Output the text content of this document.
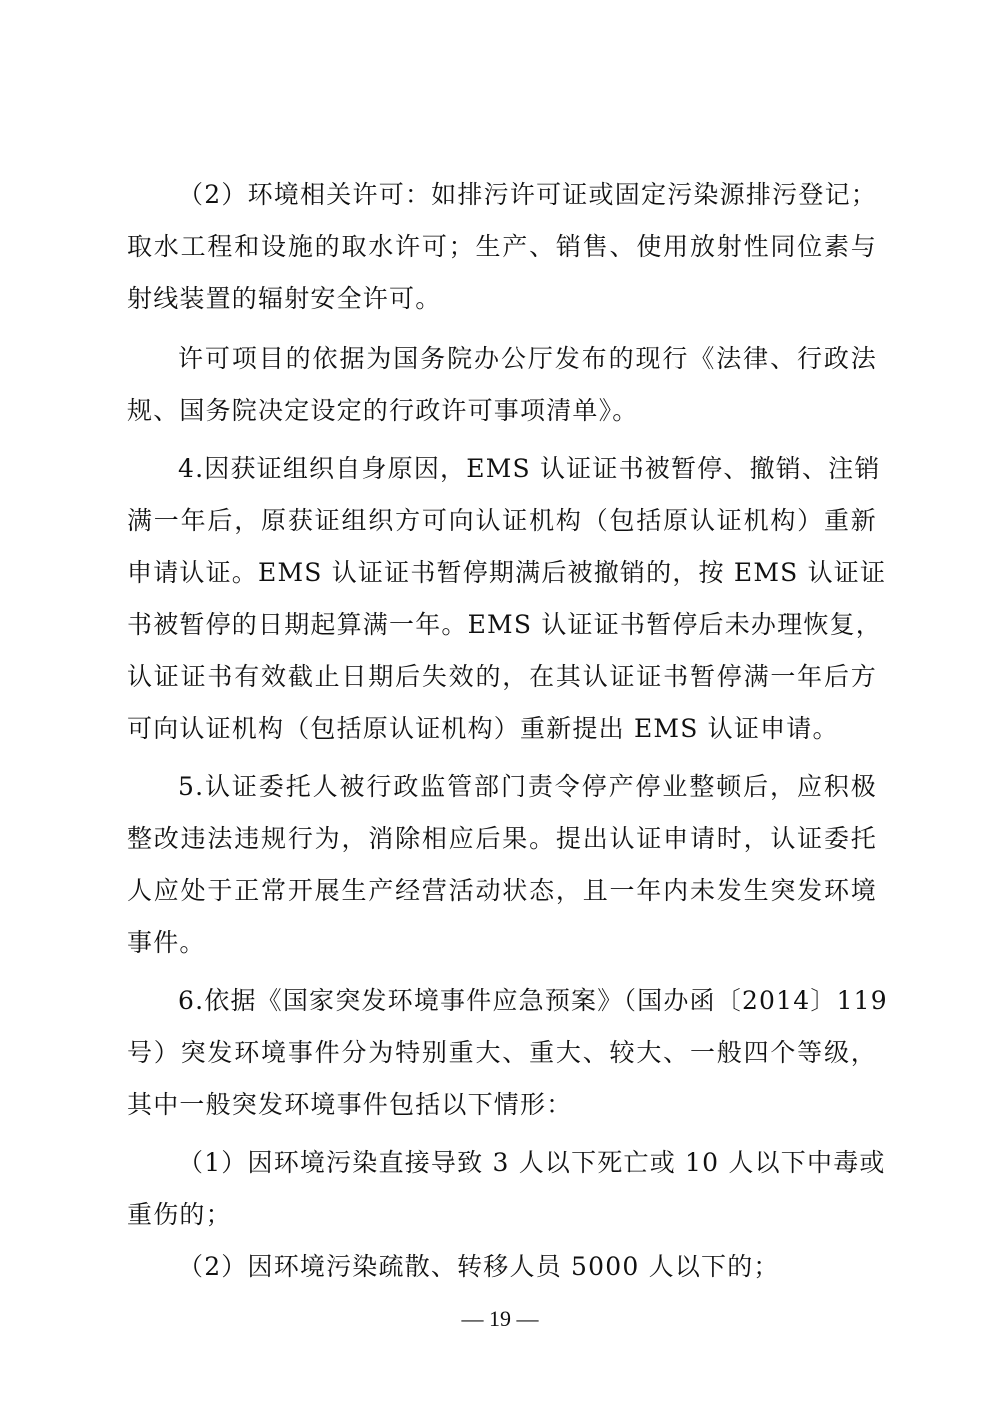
（2）环境相关许可：如排污许可证或固定污染源排污登记；
取水工程和设施的取水许可；生产、销售、使用放射性同位素与
射线装置的辐射安全许可。
许可项目的依据为国务院办公厅发布的现行《法律、行政法
规、国务院决定设定的行政许可事项清单》。
4.因获证组织自身原因，EMS 认证证书被暂停、撤销、注销
满一年后，原获证组织方可向认证机构（包括原认证机构）重新
申请认证。EMS 认证证书暂停期满后被撤销的，按 EMS 认证证
书被暂停的日期起算满一年。EMS 认证证书暂停后未办理恢复，
认证证书有效截止日期后失效的，在其认证证书暂停满一年后方
可向认证机构（包括原认证机构）重新提出 EMS 认证申请。
5.认证委托人被行政监管部门责令停产停业整顿后，应积极
整改违法违规行为，消除相应后果。提出认证申请时，认证委托
人应处于正常开展生产经营活动状态，且一年内未发生突发环境
事件。
6.依据《国家突发环境事件应急预案》（国办函〔2014〕119
号）突发环境事件分为特别重大、重大、较大、一般四个等级，
其中一般突发环境事件包括以下情形：
（1）因环境污染直接导致 3 人以下死亡或 10 人以下中毒或
重伤的；
（2）因环境污染疏散、转移人员 5000 人以下的；
— 19 —
